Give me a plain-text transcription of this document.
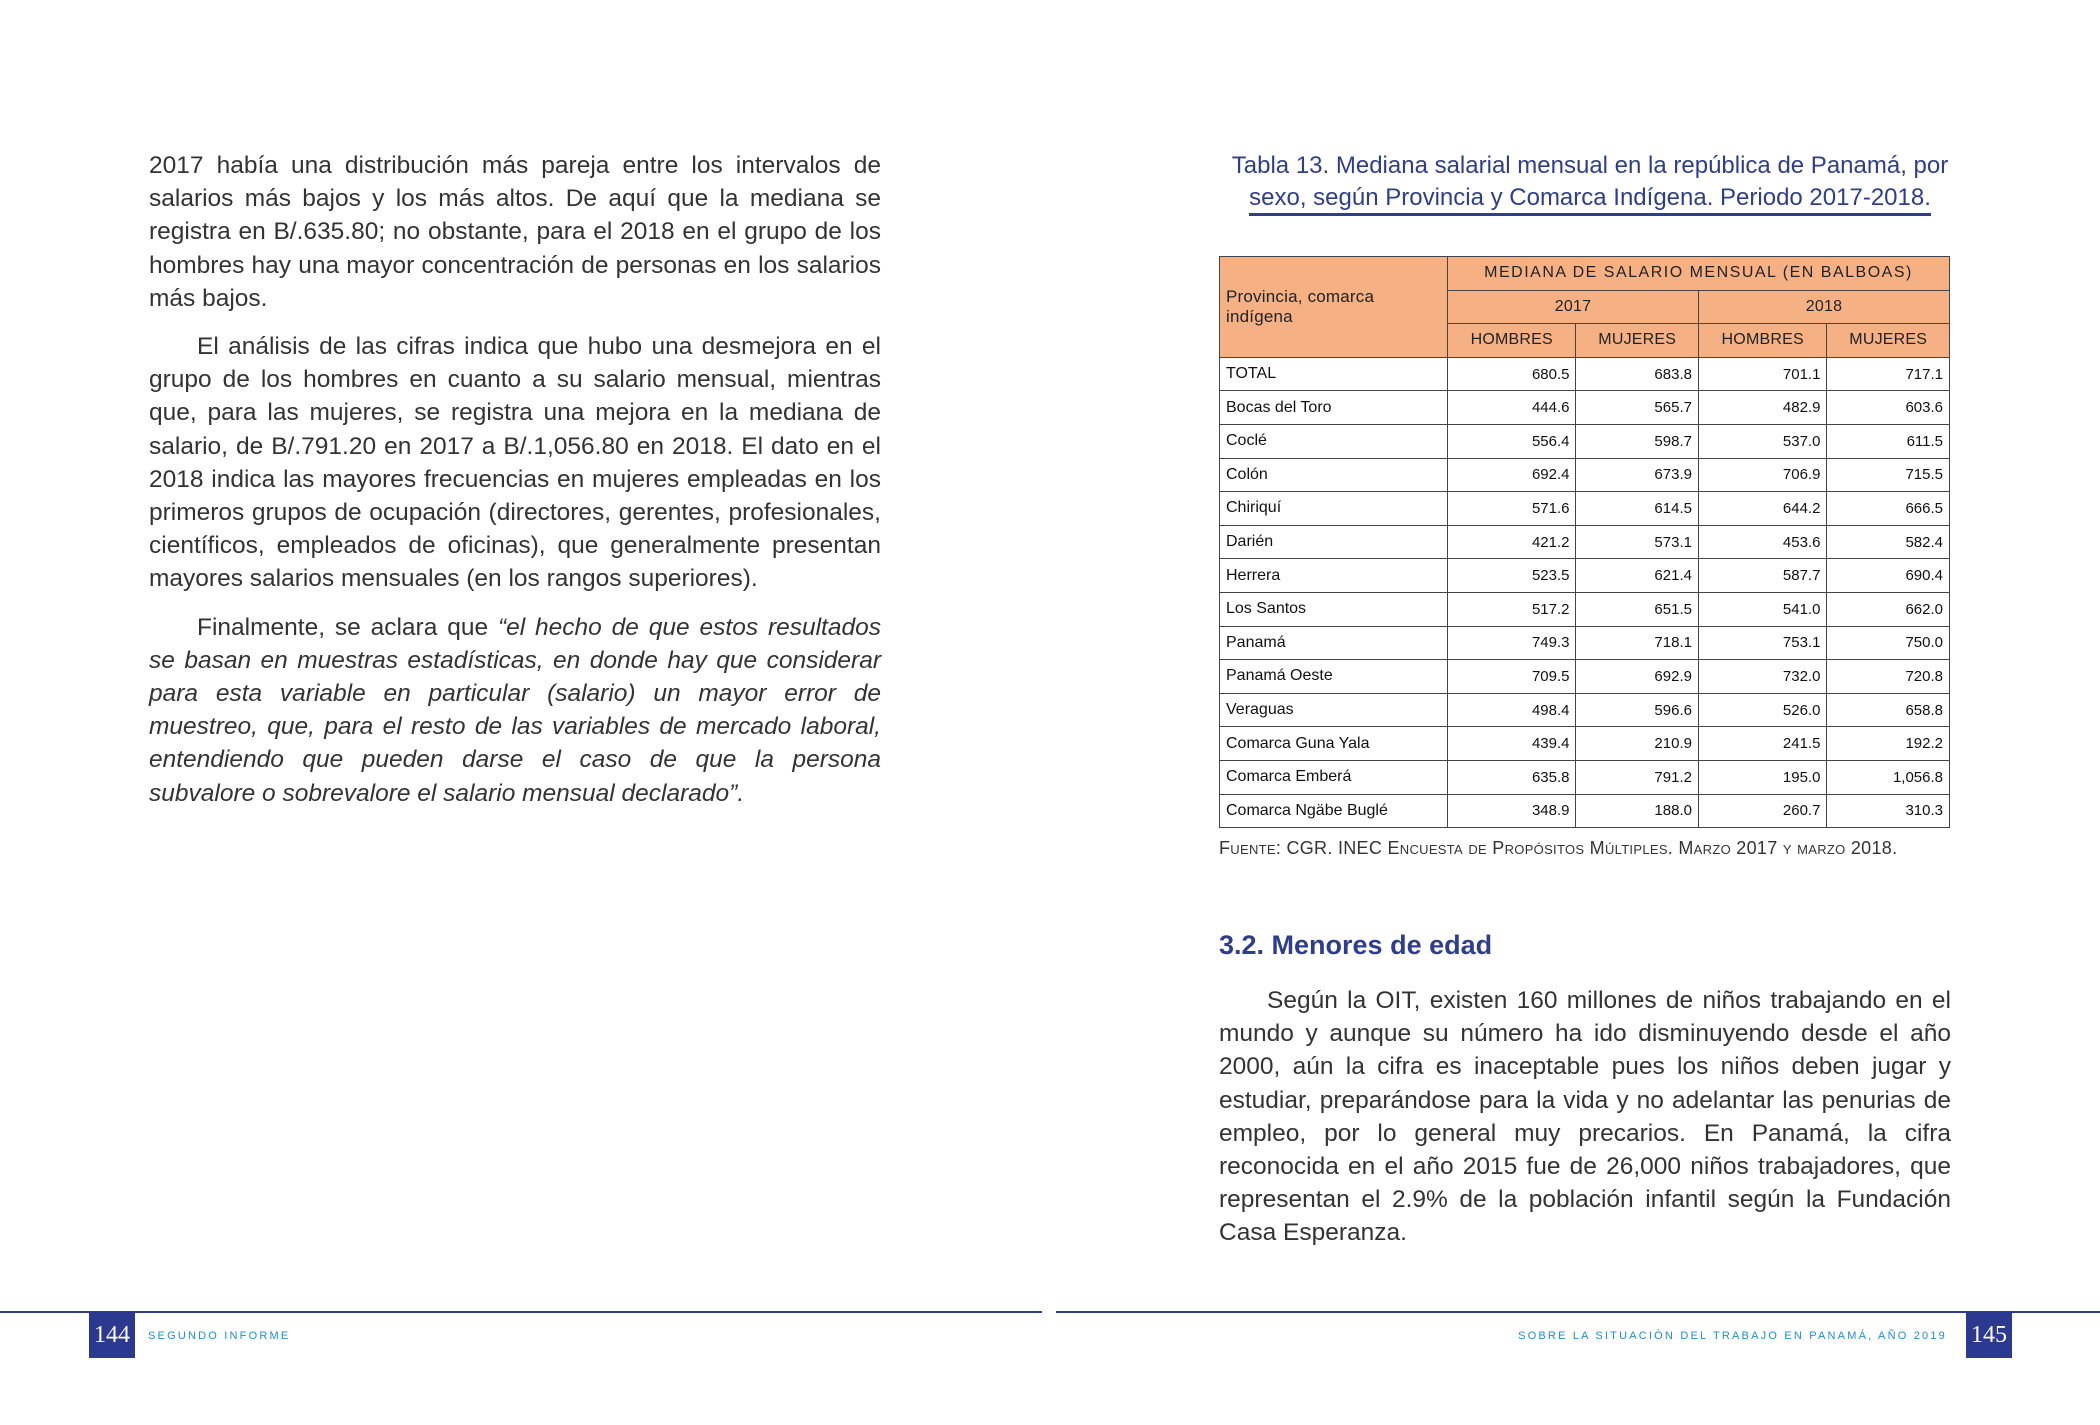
2017 había una distribución más pareja entre los intervalos de salarios más bajos y los más altos. De aquí que la mediana se registra en B/.635.80; no obstante, para el 2018 en el grupo de los hombres hay una mayor concentración de personas en los salarios más bajos.

El análisis de las cifras indica que hubo una desmejora en el grupo de los hombres en cuanto a su salario mensual, mientras que, para las mujeres, se registra una mejora en la mediana de salario, de B/.791.20 en 2017 a B/.1,056.80 en 2018. El dato en el 2018 indica las mayores frecuencias en mujeres empleadas en los primeros grupos de ocupación (directores, gerentes, profesionales, científicos, empleados de oficinas), que generalmente presentan mayores salarios mensuales (en los rangos superiores).

Finalmente, se aclara que “el hecho de que estos resultados se basan en muestras estadísticas, en donde hay que considerar para esta variable en particular (salario) un mayor error de muestreo, que, para el resto de las variables de mercado laboral, entendiendo que pueden darse el caso de que la persona subvalore o sobrevalore el salario mensual declarado”.

Tabla 13. Mediana salarial mensual en la república de Panamá, por
sexo, según Provincia y Comarca Indígena. Periodo 2017-2018.
Provincia, comarca indígena	MEDIANA DE SALARIO MENSUAL (EN BALBOAS)			
	2017		2018	
	HOMBRES	MUJERES	HOMBRES	MUJERES
TOTAL	680.5	683.8	701.1	717.1
Bocas del Toro	444.6	565.7	482.9	603.6
Coclé	556.4	598.7	537.0	611.5
Colón	692.4	673.9	706.9	715.5
Chiriquí	571.6	614.5	644.2	666.5
Darién	421.2	573.1	453.6	582.4
Herrera	523.5	621.4	587.7	690.4
Los Santos	517.2	651.5	541.0	662.0
Panamá	749.3	718.1	753.1	750.0
Panamá Oeste	709.5	692.9	732.0	720.8
Veraguas	498.4	596.6	526.0	658.8
Comarca Guna Yala	439.4	210.9	241.5	192.2
Comarca Emberá	635.8	791.2	195.0	1,056.8
Comarca Ngäbe Buglé	348.9	188.0	260.7	310.3
Fuente: CGR. INEC Encuesta de Propósitos Múltiples. Marzo 2017 y marzo 2018.
3.2. Menores de edad

Según la OIT, existen 160 millones de niños trabajando en el mundo y aunque su número ha ido disminuyendo desde el año 2000, aún la cifra es inaceptable pues los niños deben jugar y estudiar, preparándose para la vida y no adelantar las penurias de empleo, por lo general muy precarios. En Panamá, la cifra reconocida en el año 2015 fue de 26,000 niños trabajadores, que representan el 2.9% de la población infantil según la Fundación Casa Esperanza.

144	SEGUNDO INFORME	SOBRE LA SITUACIÓN DEL TRABAJO EN PANAMÁ, AÑO 2019 145
